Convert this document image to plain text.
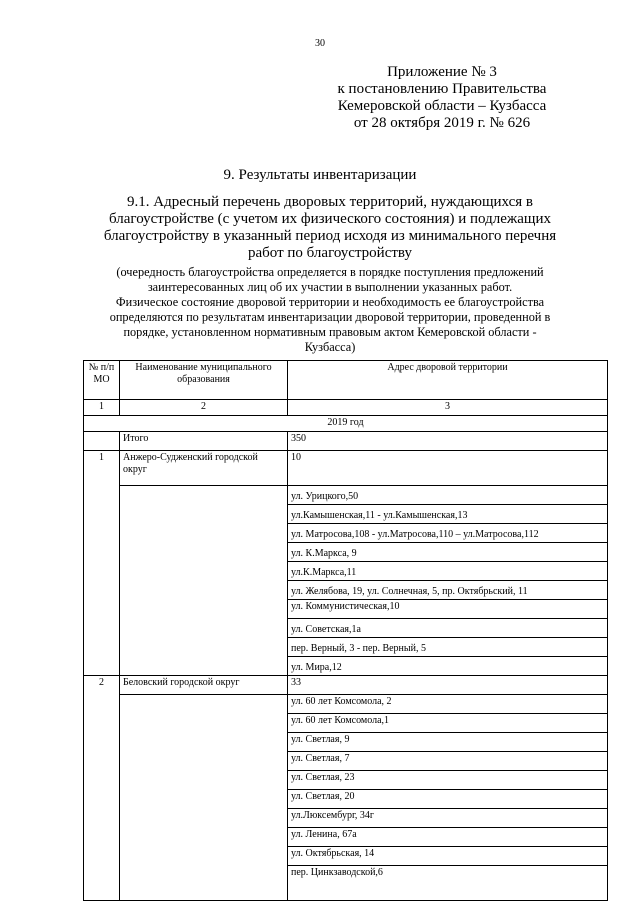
30
Приложение № 3
к постановлению Правительства
Кемеровской области – Кузбасса
от 28 октября 2019 г. № 626
9. Результаты инвентаризации
9.1. Адресный перечень дворовых территорий, нуждающихся в
благоустройстве (с учетом их физического состояния) и подлежащих
благоустройству в указанный период исходя из минимального перечня
работ по благоустройству
(очередность благоустройства определяется в порядке поступления предложений
заинтересованных лиц об их участии в выполнении указанных работ.
Физическое состояние дворовой территории и необходимость ее благоустройства
определяются по результатам инвентаризации дворовой территории, проведенной в
порядке, установленном нормативным правовым актом Кемеровской области -
Кузбасса)
№ п/п МО	Наименование муниципального образования	Адрес дворовой территории
1	2	3
2019 год		
	Итого	350
1	Анжеро-Судженский городской округ	10
		ул. Урицкого,50
		ул.Камышенская,11 - ул.Камышенская,13
		ул. Матросова,108 - ул.Матросова,110 – ул.Матросова,112
		ул. К.Маркса, 9
		ул.К.Маркса,11
		ул. Желябова, 19, ул. Солнечная, 5, пр. Октябрьский, 11
		ул. Коммунистическая,10
		ул. Советская,1а
		пер. Верный, 3 - пер. Верный, 5
		ул. Мира,12
2	Беловский городской округ	33
		ул. 60 лет Комсомола, 2
		ул. 60 лет Комсомола,1
		ул. Светлая, 9
		ул. Светлая, 7
		ул. Светлая, 23
		ул. Светлая, 20
		ул.Люксембург, 34г
		ул. Ленина, 67а
		ул. Октябрьская, 14
		пер. Цинкзаводской,6
